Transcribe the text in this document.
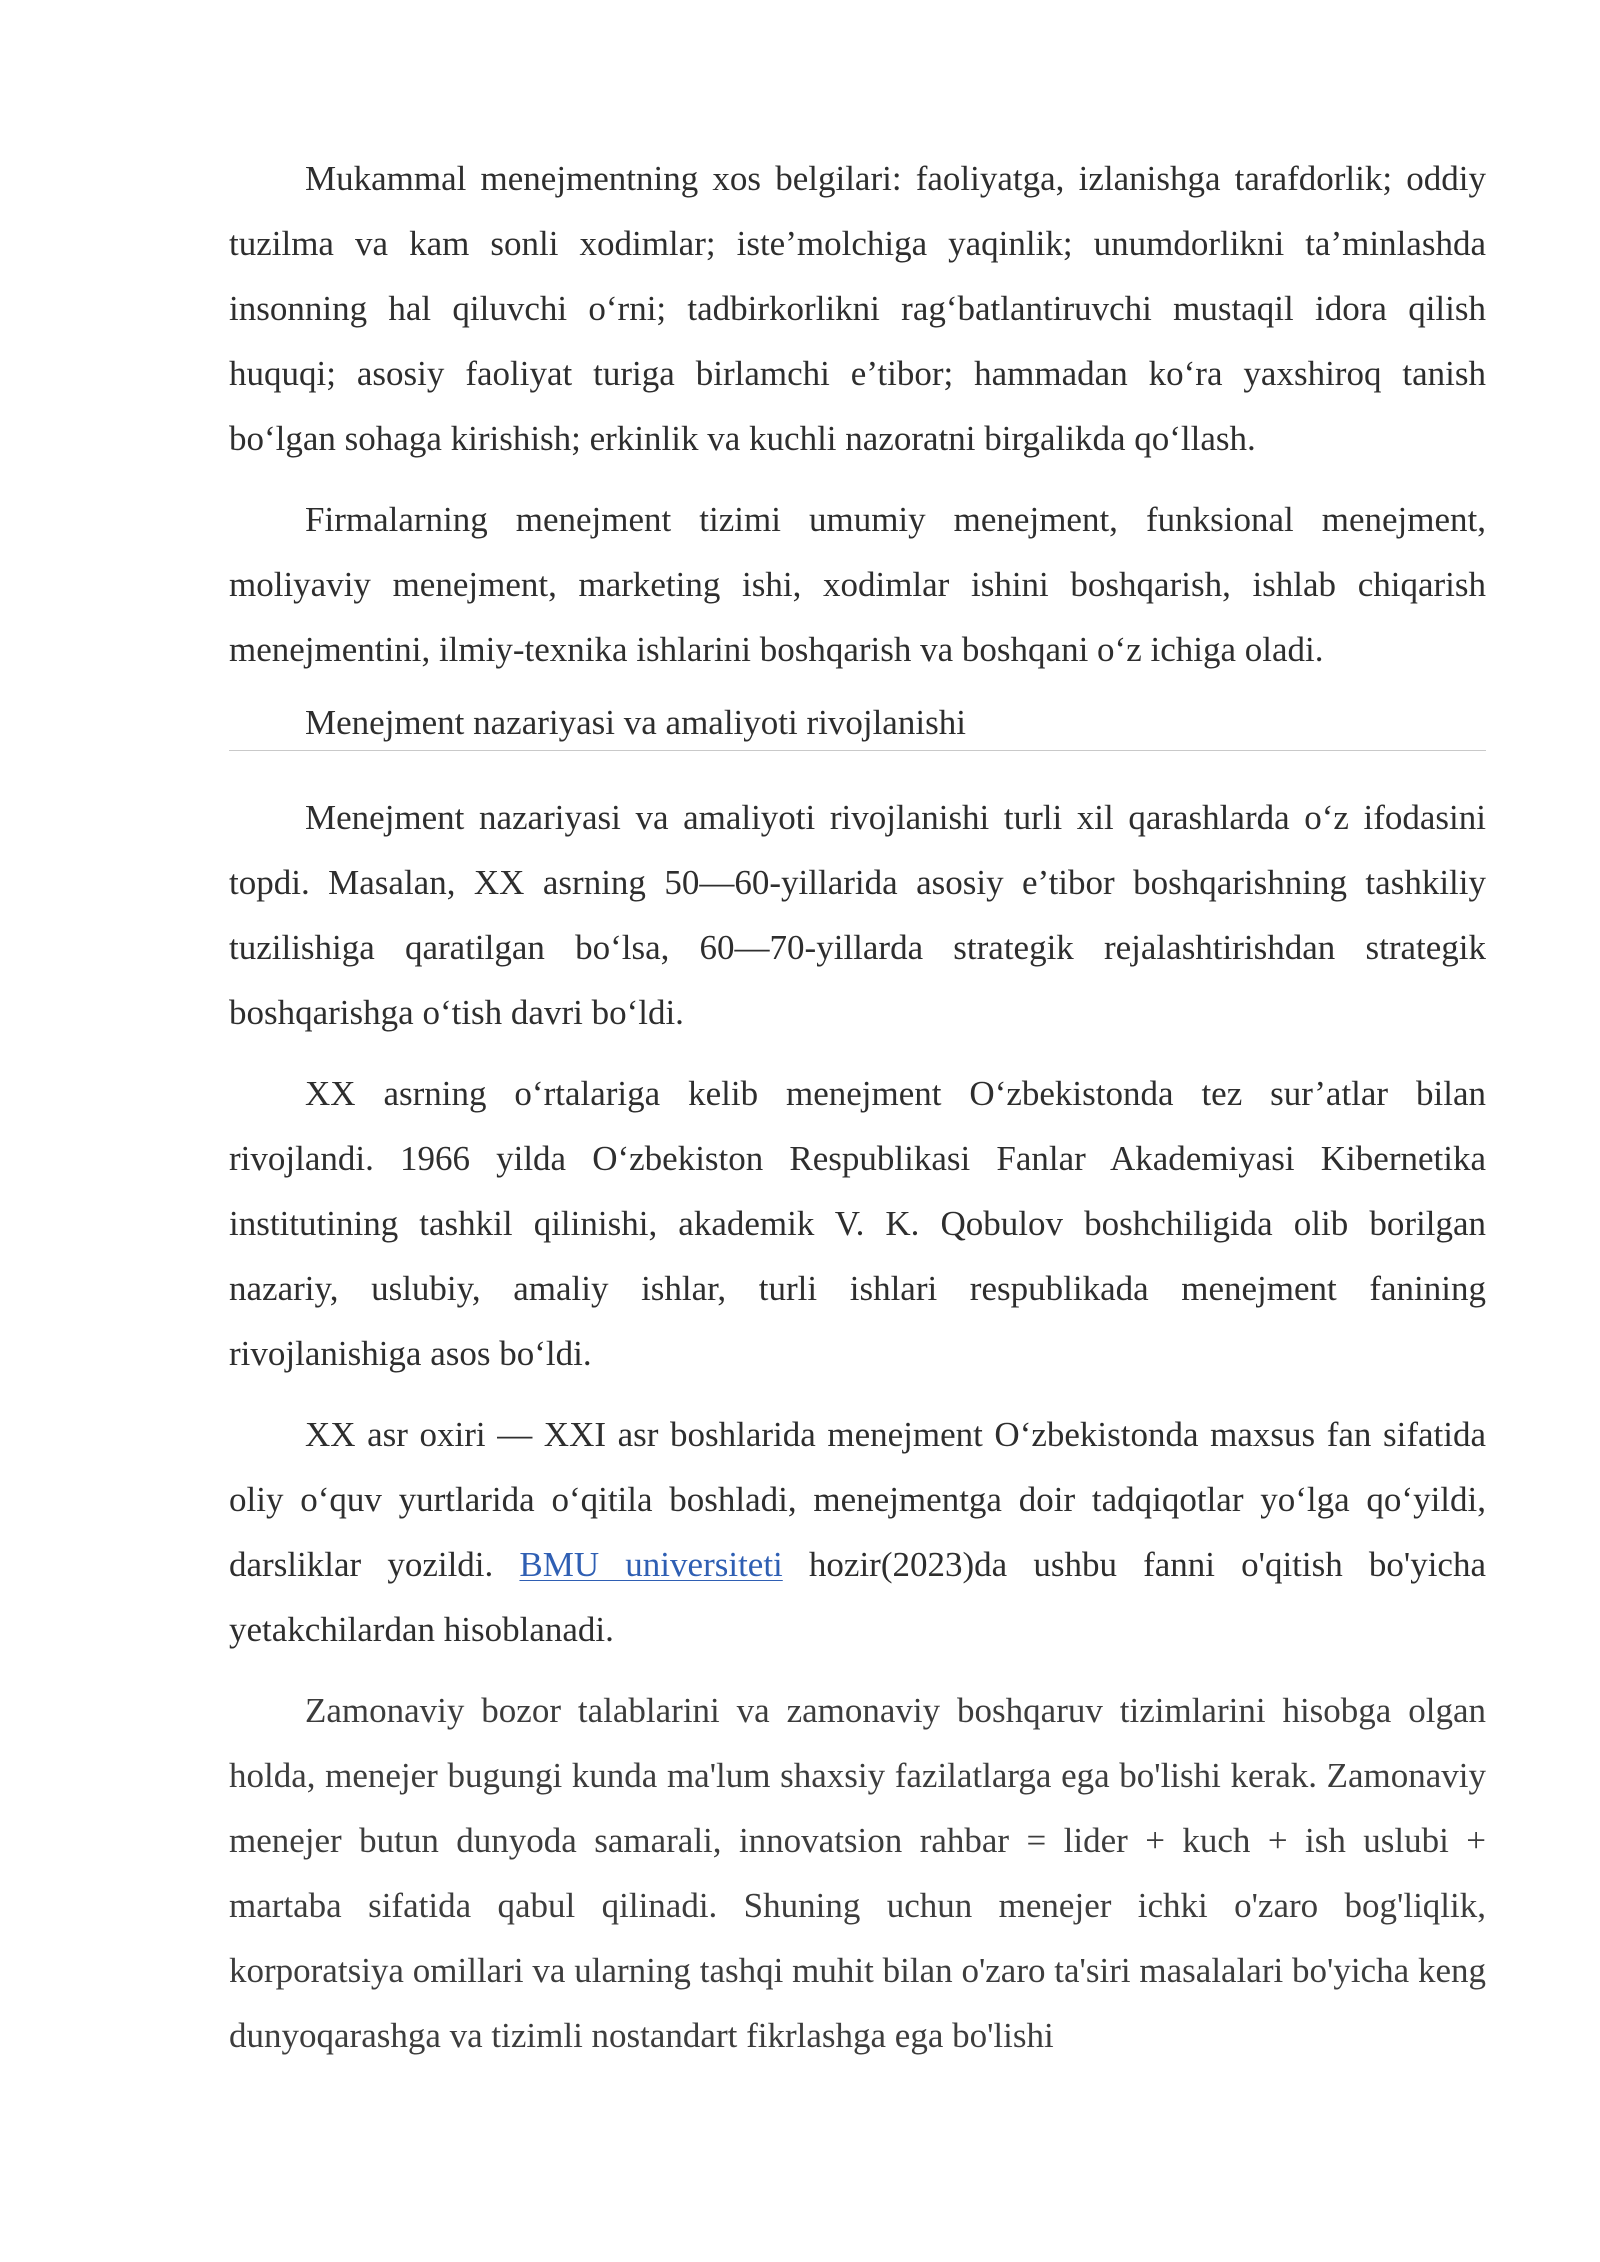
Mukammal menejmentning xos belgilari: faoliyatga, izlanishga tarafdorlik; oddiy tuzilma va kam sonli xodimlar; iste’molchiga yaqinlik; unumdorlikni ta’minlashda insonning hal qiluvchi o‘rni; tadbirkorlikni rag‘batlantiruvchi mustaqil idora qilish huquqi; asosiy faoliyat turiga birlamchi e’tibor; hammadan ko‘ra yaxshiroq tanish bo‘lgan sohaga kirishish; erkinlik va kuchli nazoratni birgalikda qo‘llash.

Firmalarning menejment tizimi umumiy menejment, funksional menejment, moliyaviy menejment, marketing ishi, xodimlar ishini boshqarish, ishlab chiqarish menejmentini, ilmiy-texnika ishlarini boshqarish va boshqani o‘z ichiga oladi.

Menejment nazariyasi va amaliyoti rivojlanishi

Menejment nazariyasi va amaliyoti rivojlanishi turli xil qarashlarda o‘z ifodasini topdi. Masalan, XX asrning 50—60-yillarida asosiy e’tibor boshqarishning tashkiliy tuzilishiga qaratilgan bo‘lsa, 60—70-yillarda strategik rejalashtirishdan strategik boshqarishga o‘tish davri bo‘ldi.

XX asrning o‘rtalariga kelib menejment O‘zbekistonda tez sur’atlar bilan rivojlandi. 1966 yilda O‘zbekiston Respublikasi Fanlar Akademiyasi Kibernetika institutining tashkil qilinishi, akademik V. K. Qobulov boshchiligida olib borilgan nazariy, uslubiy, amaliy ishlar, turli ishlari respublikada menejment fanining rivojlanishiga asos bo‘ldi.

XX asr oxiri — XXI asr boshlarida menejment O‘zbekistonda maxsus fan sifatida oliy o‘quv yurtlarida o‘qitila boshladi, menejmentga doir tadqiqotlar yo‘lga qo‘yildi, darsliklar yozildi. BMU universiteti hozir(2023)da ushbu fanni o'qitish bo'yicha yetakchilardan hisoblanadi.

Zamonaviy bozor talablarini va zamonaviy boshqaruv tizimlarini hisobga olgan holda, menejer bugungi kunda ma'lum shaxsiy fazilatlarga ega bo'lishi kerak. Zamonaviy menejer butun dunyoda samarali, innovatsion rahbar = lider + kuch + ish uslubi + martaba sifatida qabul qilinadi. Shuning uchun menejer ichki o'zaro bog'liqlik, korporatsiya omillari va ularning tashqi muhit bilan o'zaro ta'siri masalalari bo'yicha keng dunyoqarashga va tizimli nostandart fikrlashga ega bo'lishi
